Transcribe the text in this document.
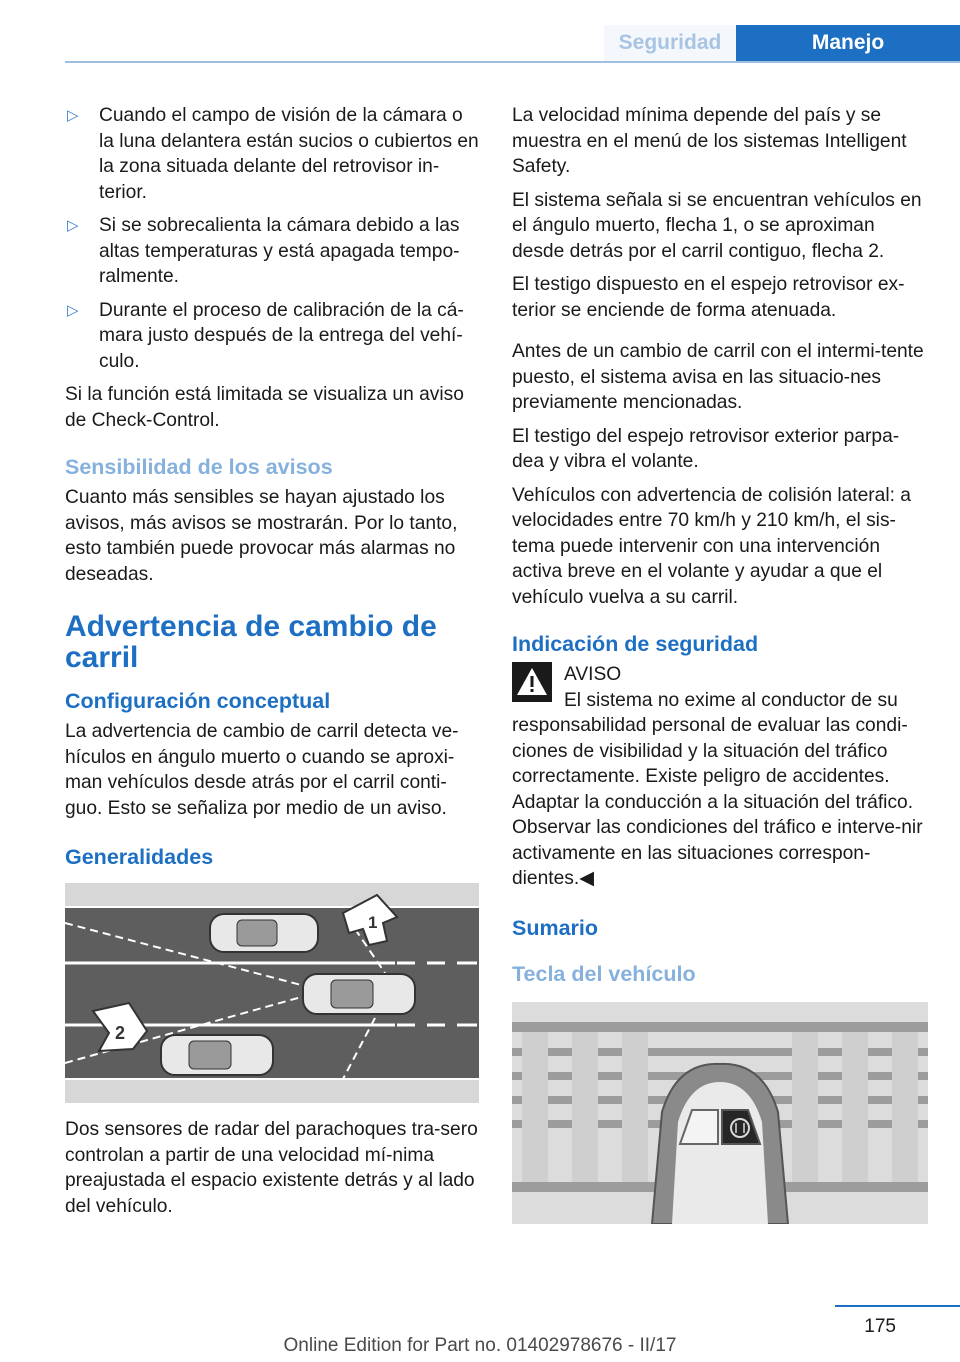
Seguridad	Manejo
▷ Cuando el campo de visión de la cámara o la luna delantera están sucios o cubiertos en la zona situada delante del retrovisor in‐terior.
▷ Si se sobrecalienta la cámara debido a las altas temperaturas y está apagada tempo‐ralmente.
▷ Durante el proceso de calibración de la cá‐mara justo después de la entrega del vehí‐culo.

Si la función está limitada se visualiza un aviso de Check-Control.

Sensibilidad de los avisos

Cuanto más sensibles se hayan ajustado los avisos, más avisos se mostrarán. Por lo tanto, esto también puede provocar más alarmas no deseadas.

Advertencia de cambio de carril
Configuración conceptual

La advertencia de cambio de carril detecta ve‐hículos en ángulo muerto o cuando se aproxi‐man vehículos desde atrás por el carril conti‐guo. Esto se señaliza por medio de un aviso.

Generalidades
1
2

Dos sensores de radar del parachoques tra‐sero controlan a partir de una velocidad mí‐nima preajustada el espacio existente detrás y al lado del vehículo.

La velocidad mínima depende del país y se muestra en el menú de los sistemas Intelligent Safety.

El sistema señala si se encuentran vehículos en el ángulo muerto, flecha 1, o se aproximan desde detrás por el carril contiguo, flecha 2.

El testigo dispuesto en el espejo retrovisor ex‐terior se enciende de forma atenuada.

Antes de un cambio de carril con el intermi‐tente puesto, el sistema avisa en las situacio‐nes previamente mencionadas.

El testigo del espejo retrovisor exterior parpa‐dea y vibra el volante.

Vehículos con advertencia de colisión lateral: a velocidades entre 70 km/h y 210 km/h, el sis‐tema puede intervenir con una intervención activa breve en el volante y ayudar a que el vehículo vuelva a su carril.

Indicación de seguridad
AVISO
El sistema no exime al conductor de su

responsabilidad personal de evaluar las condi‐ciones de visibilidad y la situación del tráfico correctamente. Existe peligro de accidentes. Adaptar la conducción a la situación del tráfico. Observar las condiciones del tráfico e interve‐nir activamente en las situaciones correspon‐dientes.◀

Sumario
Tecla del vehículo
175
Online Edition for Part no. 01402978676 - II/17
